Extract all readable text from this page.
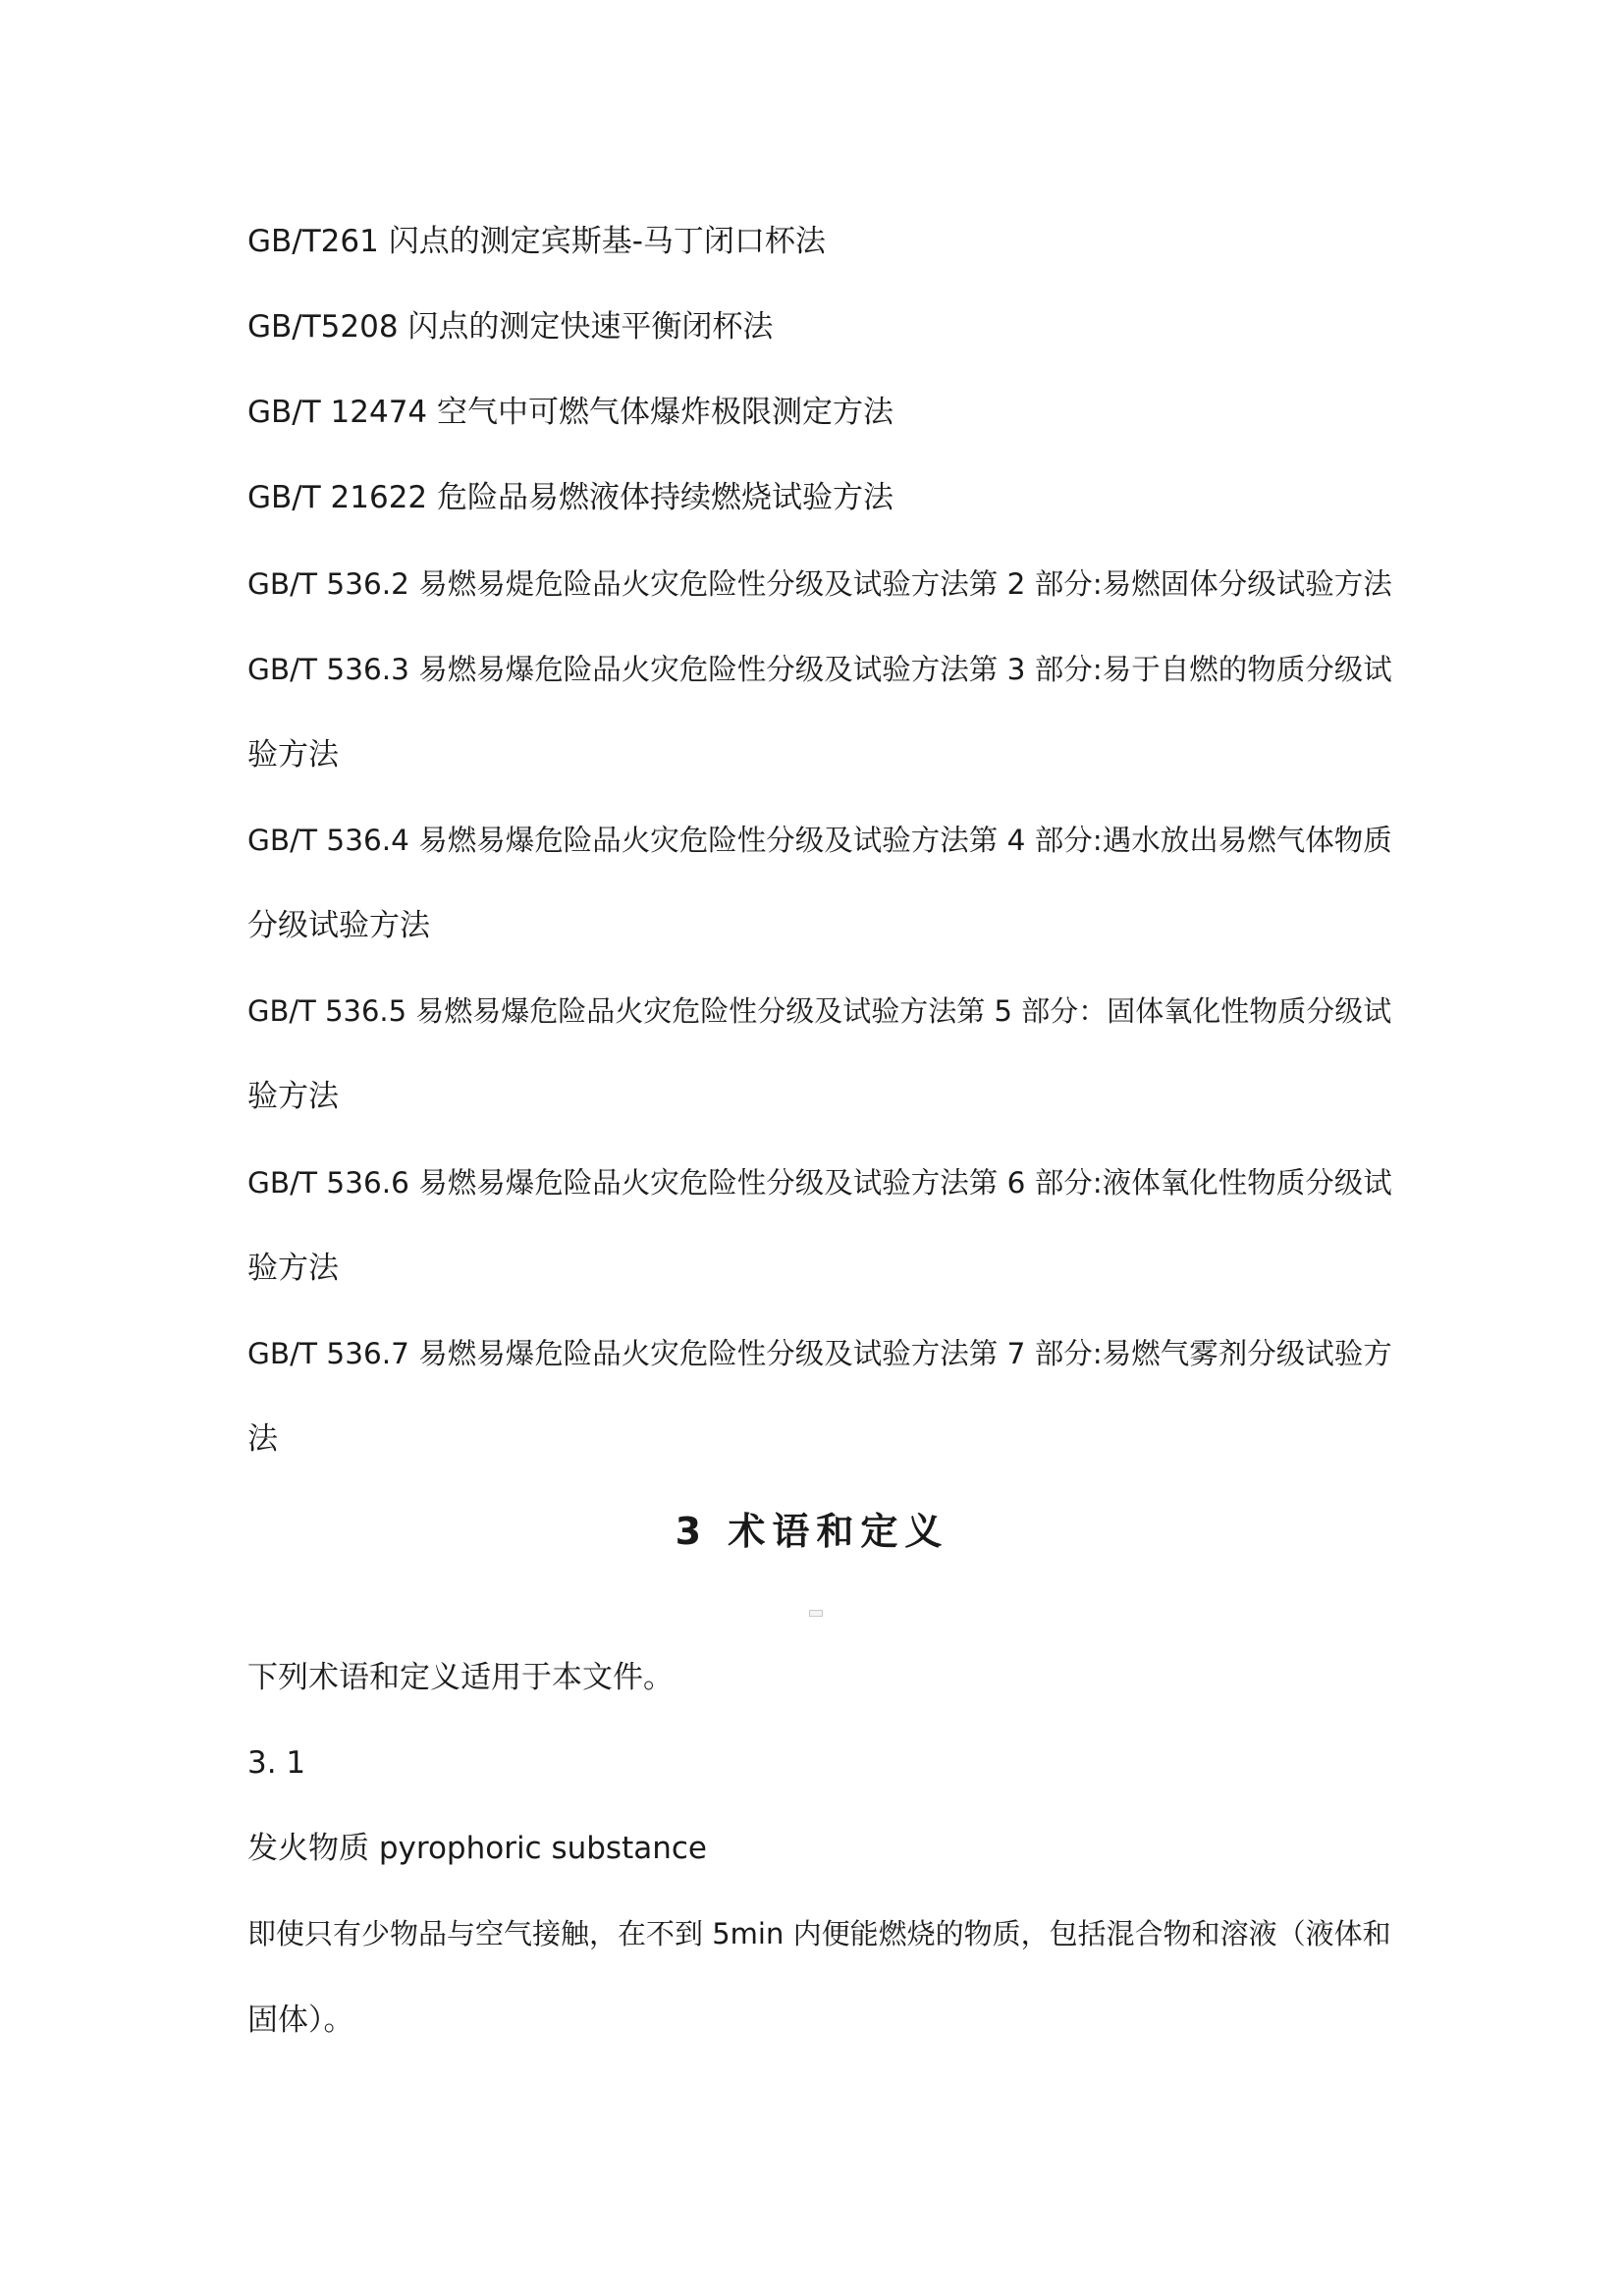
GB/T261 闪点的测定宾斯基-马丁闭口杯法
GB/T5208 闪点的测定快速平衡闭杯法
GB/T 12474 空气中可燃气体爆炸极限测定方法
GB/T 21622 危险品易燃液体持续燃烧试验方法
GB/T 536.2 易燃易煶危险品火灾危险性分级及试验方法第 2 部分:易燃固体分级试验方法
GB/T 536.3 易燃易爆危险品火灾危险性分级及试验方法第 3 部分:易于自燃的物质分级试
验方法
GB/T 536.4 易燃易爆危险品火灾危险性分级及试验方法第 4 部分:遇水放出易燃气体物质
分级试验方法
GB/T 536.5 易燃易爆危险品火灾危险性分级及试验方法第 5 部分：固体氧化性物质分级试
验方法
GB/T 536.6 易燃易爆危险品火灾危险性分级及试验方法第 6 部分:液体氧化性物质分级试
验方法
GB/T 536.7 易燃易爆危险品火灾危险性分级及试验方法第 7 部分:易燃气雾剂分级试验方
法
3 术语和定义
下列术语和定义适用于本文件。
3. 1
发火物质 pyrophoric substance
即使只有少物品与空气接触，在不到 5min 内便能燃烧的物质，包括混合物和溶液（液体和
固体）。
